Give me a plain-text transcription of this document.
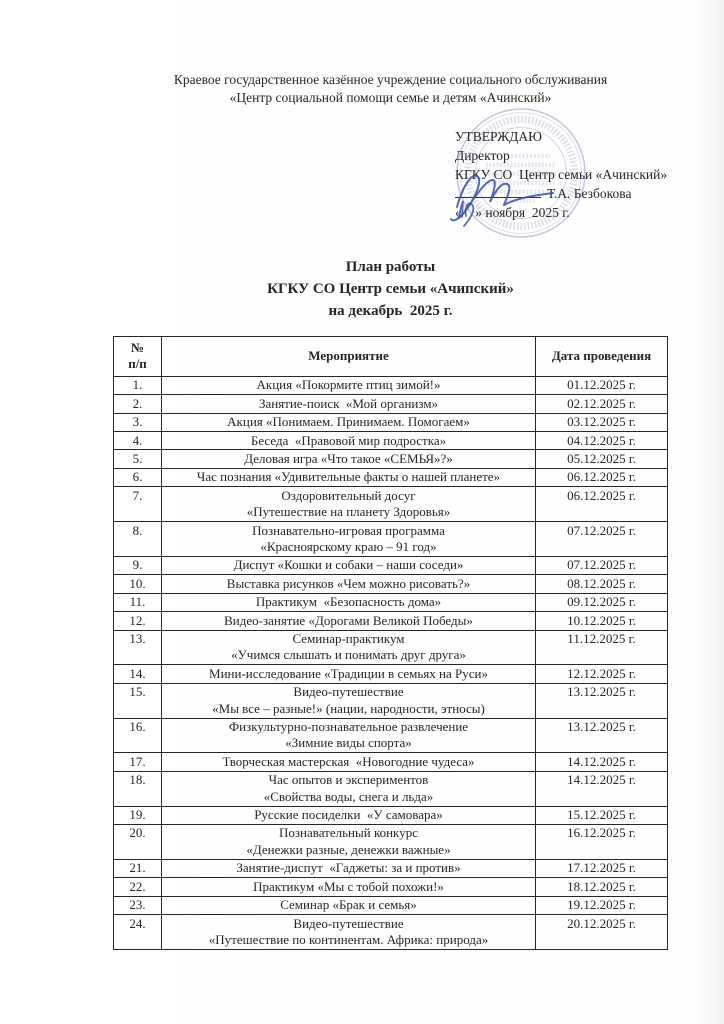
Краевое государственное казённое учреждение социального обслуживания
«Центр социальной помощи семье и детям «Ачинский»
УТВЕРЖДАЮ
Директор
КГКУ СО  Центр семьи «Ачинский»
Т.А. Безбокова
«    » ноября  2025 г.
План работы
КГКУ СО Центр семьи «Ачипский»
на декабрь  2025 г.
№
п/п	Мероприятие	Дата проведения
1.	Акция «Покормите птиц зимой!»	01.12.2025 г.
2.	Занятие-поиск  «Мой организм»	02.12.2025 г.
3.	Акция «Понимаем. Принимаем. Помогаем»	03.12.2025 г.
4.	Беседа  «Правовой мир подростка»	04.12.2025 г.
5.	Деловая игра «Что такое «СЕМЬЯ»?»	05.12.2025 г.
6.	Час познания «Удивительные факты о нашей планете»	06.12.2025 г.
7.	Оздоровительный досуг
«Путешествие на планету Здоровья»	06.12.2025 г.
8.	Познавательно-игровая программа
«Красноярскому краю – 91 год»	07.12.2025 г.
9.	Диспут «Кошки и собаки – наши соседи»	07.12.2025 г.
10.	Выставка рисунков «Чем можно рисовать?»	08.12.2025 г.
11.	Практикум  «Безопасность дома»	09.12.2025 г.
12.	Видео-занятие «Дорогами Великой Победы»	10.12.2025 г.
13.	Семинар-практикум
«Учимся слышать и понимать друг друга»	11.12.2025 г.
14.	Мини-исследование «Традиции в семьях на Руси»	12.12.2025 г.
15.	Видео-путешествие
«Мы все – разные!» (нации, народности, этносы)	13.12.2025 г.
16.	Физкультурно-познавательное развлечение
«Зимние виды спорта»	13.12.2025 г.
17.	Творческая мастерская  «Новогодние чудеса»	14.12.2025 г.
18.	Час опытов и экспериментов
«Свойства воды, снега и льда»	14.12.2025 г.
19.	Русские посиделки  «У самовара»	15.12.2025 г.
20.	Познавательный конкурс
«Денежки разные, денежки важные»	16.12.2025 г.
21.	Занятие-диспут  «Гаджеты: за и против»	17.12.2025 г.
22.	Практикум «Мы с тобой похожи!»	18.12.2025 г.
23.	Семинар «Брак и семья»	19.12.2025 г.
24.	Видео-путешествие
«Путешествие по континентам. Африка: природа»	20.12.2025 г.
